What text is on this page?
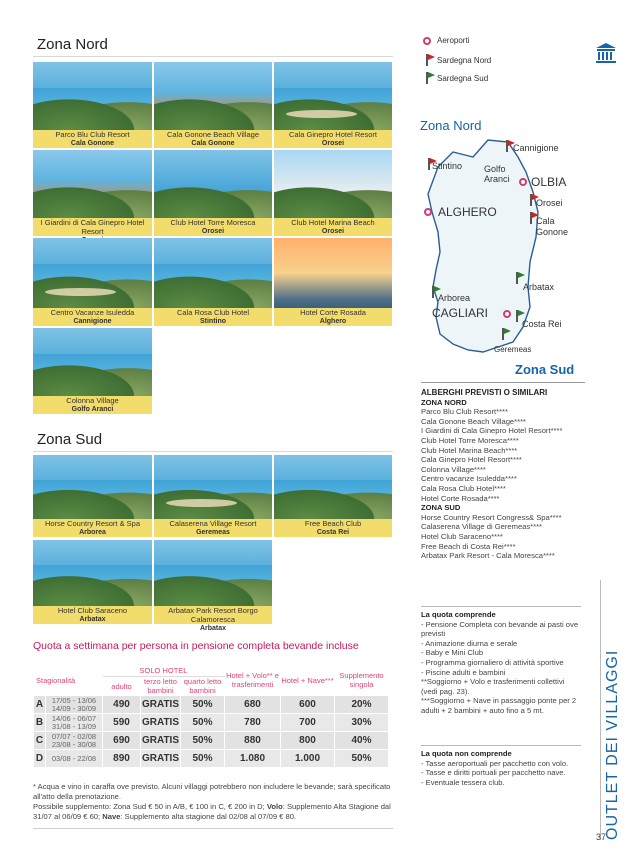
Zona Nord
Parco Blu Club Resort
Cala Gonone
Cala Gonone Beach Village
Cala Gonone
Cala Ginepro Hotel Resort
Orosei
I Giardini di Cala Ginepro Hotel Resort
Club Hotel Torre Moresca
Orosei
Club Hotel Marina Beach
Orosei
Centro Vacanze Isuledda
Cannigione
Cala Rosa Club Hotel
Stintino
Hotel Corte Rosada
Alghero
Colonna Village
Golfo Aranci
Zona Sud
Horse Country Resort & Spa
Arborea
Calaserena Village Resort
Geremeas
Free Beach Club
Costa Rei
Hotel Club Saraceno
Arbatax
Arbatax Park Resort Borgo Calamoresca
Arbatax
Quota a settimana per persona in pensione completa bevande incluse
Stagionalità		SOLO HOTEL			Hotel + Volo** e trasferimenti	Hotel + Nave***	Supplemento singola
		adulto	terzo letto bambini	quarto letto bambini			
A	17/05 - 13/06
14/09 - 30/09	490	GRATIS	50%	680	600	20%
B	14/06 - 06/07
31/08 - 13/09	590	GRATIS	50%	780	700	30%
C	07/07 - 02/08
23/08 - 30/08	690	GRATIS	50%	880	800	40%
D	03/08 - 22/08	890	GRATIS	50%	1.080	1.000	50%
* Acqua e vino in caraffa ove previsto. Alcuni villaggi potrebbero non includere le bevande; sarà specificato all'atto della prenotazione.
Possibile supplemento: Zona Sud € 50 in A/B, € 100 in C, € 200 in D; Volo: Supplemento Alta Stagione dal 31/07 al 06/09 € 60; Nave: Supplemento alta stagione dal 02/08 al 07/09 € 80.
Aeroporti
Sardegna Nord
Sardegna Sud
Zona Nord
Zona Sud
Cannigione
Stintino Golfo Aranci	OLBIA
Orosei
ALGHERO
Cala Gonone
Arbatax
Arborea
CAGLIARI
Costa Rei
Geremeas
ALBERGHI PREVISTI O SIMILARI
ZONA NORD
Parco Blu Club Resort****
Cala Gonone Beach Village****
I Giardini di Cala Ginepro Hotel Resort****
Club Hotel Torre Moresca****
Club Hotel Marina Beach****
Cala Ginepro Hotel Resort****
Colonna Village****
Centro vacanze Isuledda****
Cala Rosa Club Hotel****
Hotel Corte Rosada****
ZONA SUD
Horse Country Resort Congress& Spa****
Calaserena Village di Geremeas****
Hotel Club Saraceno****
Free Beach di Costa Rei****
Arbatax Park Resort - Cala Moresca****
La quota comprende
- Pensione Completa con bevande ai pasti ove previsti
- Animazione diurna e serale
- Baby e Mini Club
- Programma giornaliero di attività sportive
- Piscine adulti e bambini
**Soggiorno + Volo e trasferimenti collettivi (vedi pag. 23).
***Soggiorno + Nave in passaggio ponte per 2 adulti + 2 bambini + auto fino a 5 mt.
La quota non comprende
- Tasse aeroportuali per pacchetto con volo.
- Tasse e diritti portuali per pacchetto nave.
- Eventuale tessera club.	OUTLET DEI VILLAGGI
37
